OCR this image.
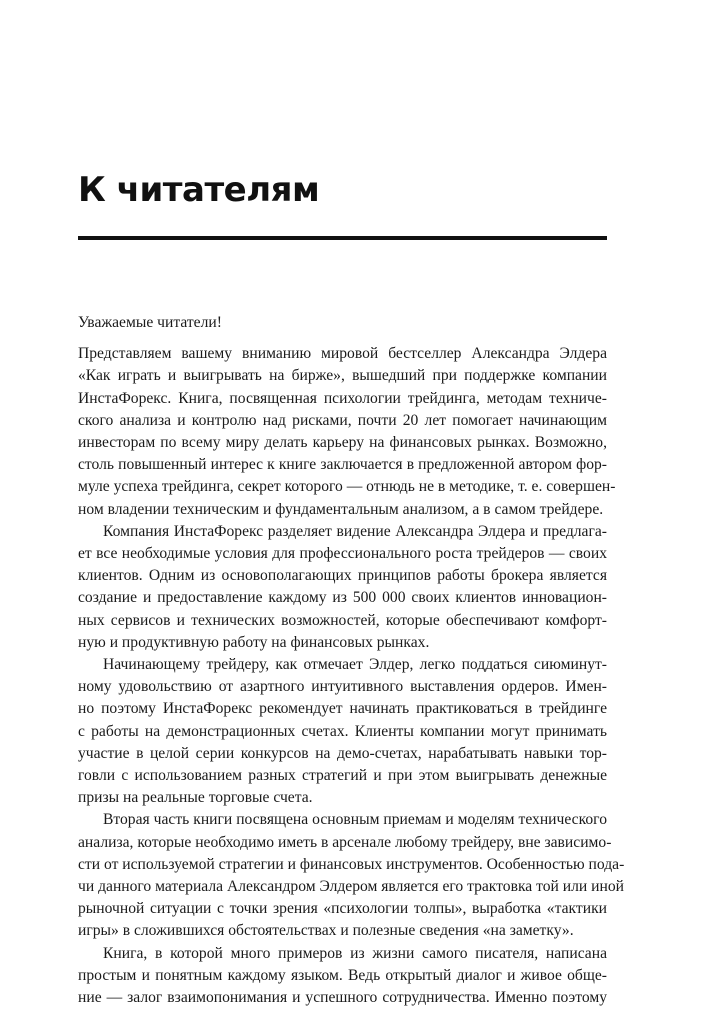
К читателям

Уважаемые читатели!

Представляем вашему вниманию мировой бестселлер Александра Элдера
«Как играть и выигрывать на бирже», вышедший при поддержке компании
ИнстаФорекс. Книга, посвященная психологии трейдинга, методам техниче-
ского анализа и контролю над рисками, почти 20 лет помогает начинающим
инвесторам по всему миру делать карьеру на финансовых рынках. Возможно,
столь повышенный интерес к книге заключается в предложенной автором фор-
муле успеха трейдинга, секрет которого — отнюдь не в методике, т. е. совершен-
ном владении техническим и фундаментальным анализом, а в самом трейдере.
Компания ИнстаФорекс разделяет видение Александра Элдера и предлага-
ет все необходимые условия для профессионального роста трейдеров — своих
клиентов. Одним из основополагающих принципов работы брокера является
создание и предоставление каждому из 500 000 своих клиентов инновацион-
ных сервисов и технических возможностей, которые обеспечивают комфорт-
ную и продуктивную работу на финансовых рынках.
Начинающему трейдеру, как отмечает Элдер, легко поддаться сиюминут-
ному удовольствию от азартного интуитивного выставления ордеров. Имен-
но поэтому ИнстаФорекс рекомендует начинать практиковаться в трейдинге
с работы на демонстрационных счетах. Клиенты компании могут принимать
участие в целой серии конкурсов на демо-счетах, нарабатывать навыки тор-
говли с использованием разных стратегий и при этом выигрывать денежные
призы на реальные торговые счета.
Вторая часть книги посвящена основным приемам и моделям технического
анализа, которые необходимо иметь в арсенале любому трейдеру, вне зависимо-
сти от используемой стратегии и финансовых инструментов. Особенностью пода-
чи данного материала Александром Элдером является его трактовка той или иной
рыночной ситуации с точки зрения «психологии толпы», выработка «тактики
игры» в сложившихся обстоятельствах и полезные сведения «на заметку».
Книга, в которой много примеров из жизни самого писателя, написана
простым и понятным каждому языком. Ведь открытый диалог и живое обще-
ние — залог взаимопонимания и успешного сотрудничества. Именно поэтому
